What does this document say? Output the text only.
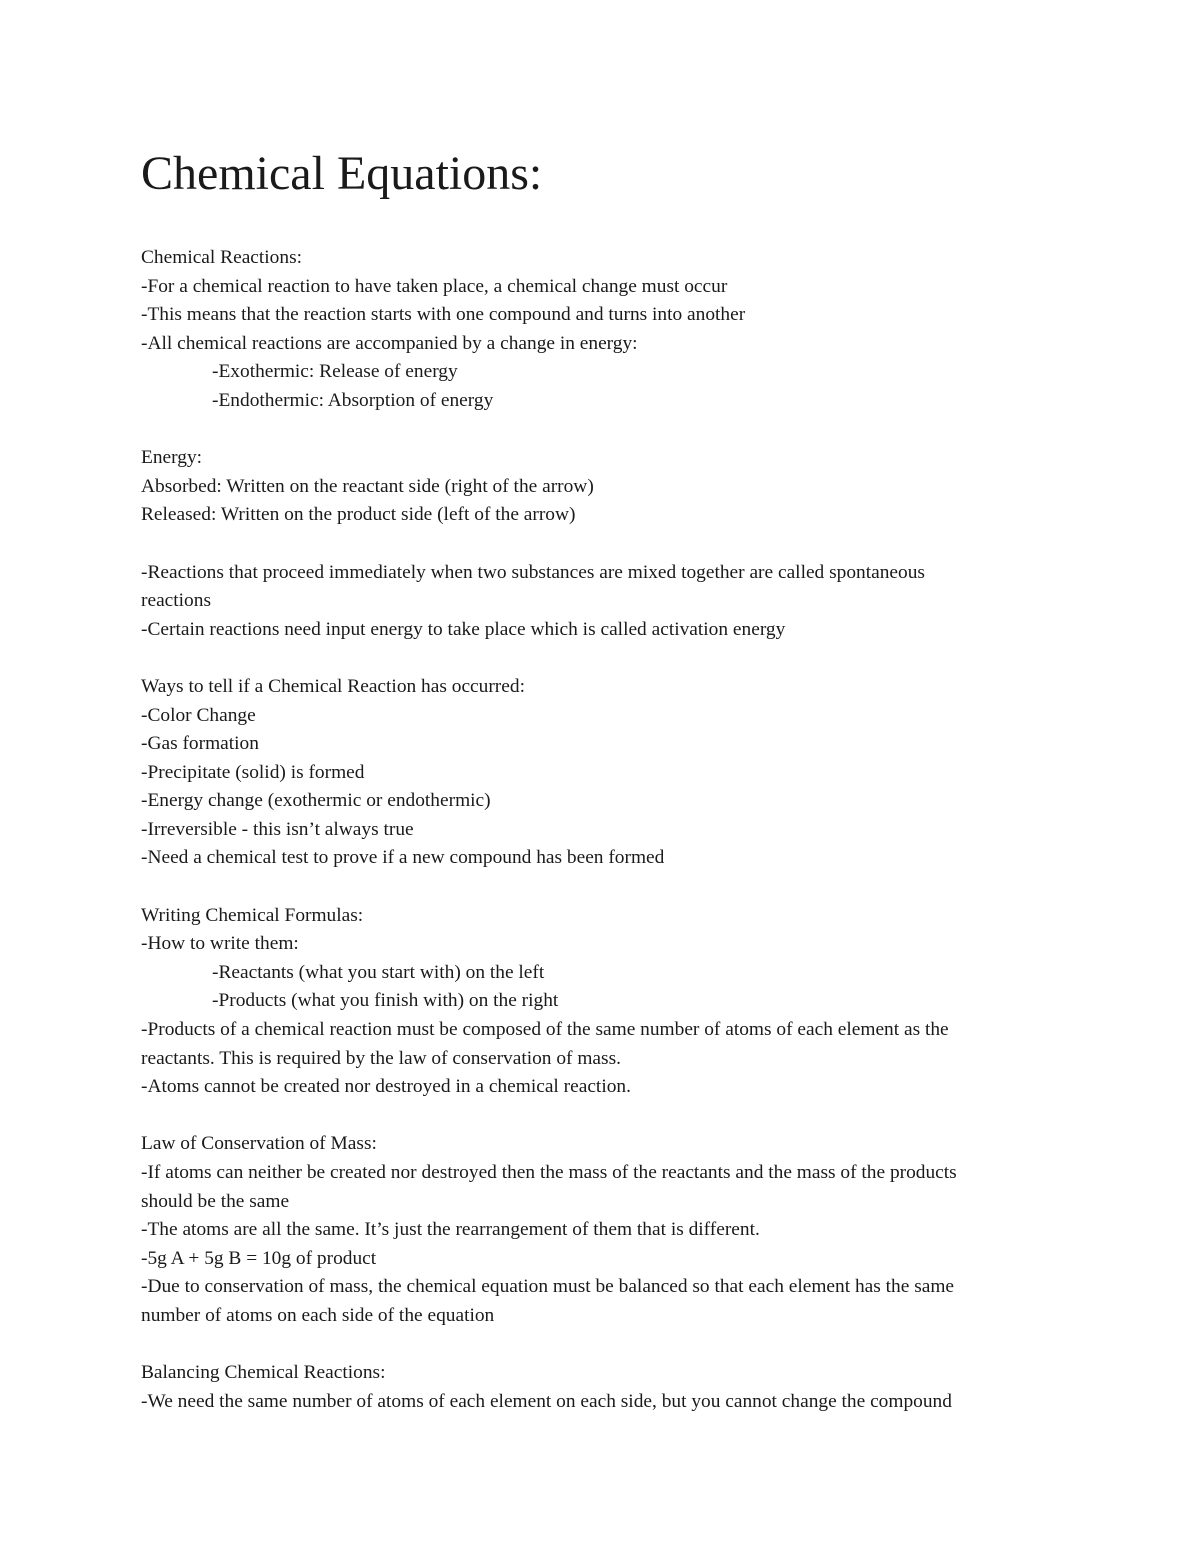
Chemical Equations:

Chemical Reactions:

-For a chemical reaction to have taken place, a chemical change must occur

-This means that the reaction starts with one compound and turns into another

-All chemical reactions are accompanied by a change in energy:

-Exothermic: Release of energy

-Endothermic: Absorption of energy

Energy:

Absorbed: Written on the reactant side (right of the arrow)

Released: Written on the product side (left of the arrow)

-Reactions that proceed immediately when two substances are mixed together are called spontaneous

reactions

-Certain reactions need input energy to take place which is called activation energy

Ways to tell if a Chemical Reaction has occurred:

-Color Change

-Gas formation

-Precipitate (solid) is formed

-Energy change (exothermic or endothermic)

-Irreversible - this isn’t always true

-Need a chemical test to prove if a new compound has been formed

Writing Chemical Formulas:

-How to write them:

-Reactants (what you start with) on the left

-Products (what you finish with) on the right

-Products of a chemical reaction must be composed of the same number of atoms of each element as the

reactants. This is required by the law of conservation of mass.

-Atoms cannot be created nor destroyed in a chemical reaction.

Law of Conservation of Mass:

-If atoms can neither be created nor destroyed then the mass of the reactants and the mass of the products

should be the same

-The atoms are all the same. It’s just the rearrangement of them that is different.

-5g A + 5g B = 10g of product

-Due to conservation of mass, the chemical equation must be balanced so that each element has the same

number of atoms on each side of the equation

Balancing Chemical Reactions:

-We need the same number of atoms of each element on each side, but you cannot change the compound
